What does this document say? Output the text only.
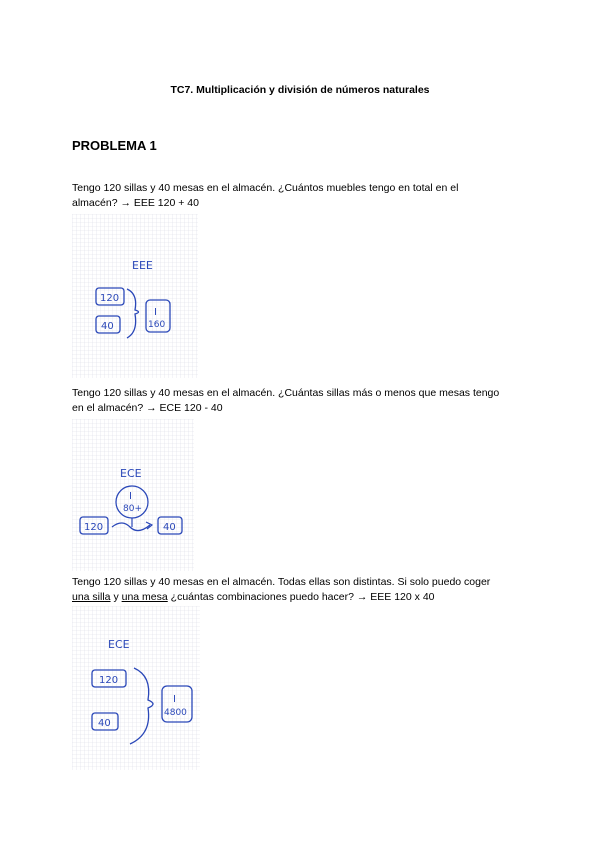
TC7. Multiplicación y división de números naturales
PROBLEMA 1
Tengo 120 sillas y 40 mesas en el almacén. ¿Cuántos muebles tengo en total en el
almacén? → EEE 120 + 40
EEE
120
40
I
160
Tengo 120 sillas y 40 mesas en el almacén. ¿Cuántas sillas más o menos que mesas tengo
en el almacén? → ECE 120 - 40
ECE
I
80+
120	40
Tengo 120 sillas y 40 mesas en el almacén. Todas ellas son distintas. Si solo puedo coger
una silla y una mesa ¿cuántas combinaciones puedo hacer? → EEE 120 x 40
ECE
120
40
I
4800
